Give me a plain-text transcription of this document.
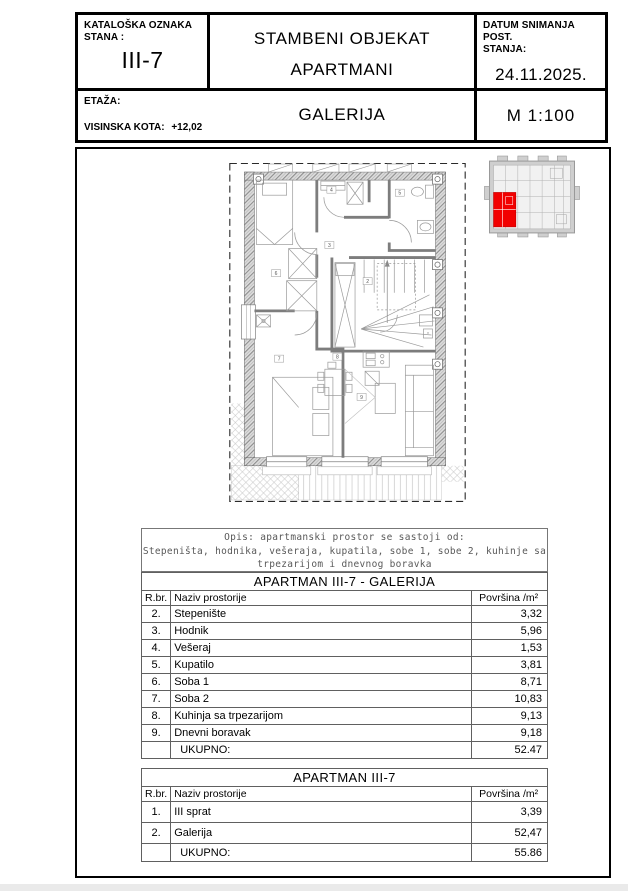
KATALOŠKA OZNAKA
STANA :
III-7
STAMBENI OBJEKAT
APARTMANI
DATUM SNIMANJA POST.
STANJA:
24.11.2025.
ETAŽA:
GALERIJA
VISINSKA KOTA: +12,02
M 1:100
*
6
4
5
3
2
7	8
9
Opis: apartmanski prostor se sastoji od:
Stepeništa, hodnika, vešeraja, kupatila, sobe 1, sobe 2, kuhinje sa
trpezarijom i dnevnog boravka
APARTMAN III-7 - GALERIJA		
R.br.	Naziv prostorije	Površina /m²
2.	Stepenište	3,32
3.	Hodnik	5,96
4.	Vešeraj	1,53
5.	Kupatilo	3,81
6.	Soba 1	8,71
7.	Soba 2	10,83
8.	Kuhinja sa trpezarijom	9,13
9.	Dnevni boravak	9,18
	UKUPNO:	52.47
APARTMAN III-7		
R.br.	Naziv prostorije	Površina /m²
1.	III sprat	3,39
2.	Galerija	52,47
	UKUPNO:	55.86
